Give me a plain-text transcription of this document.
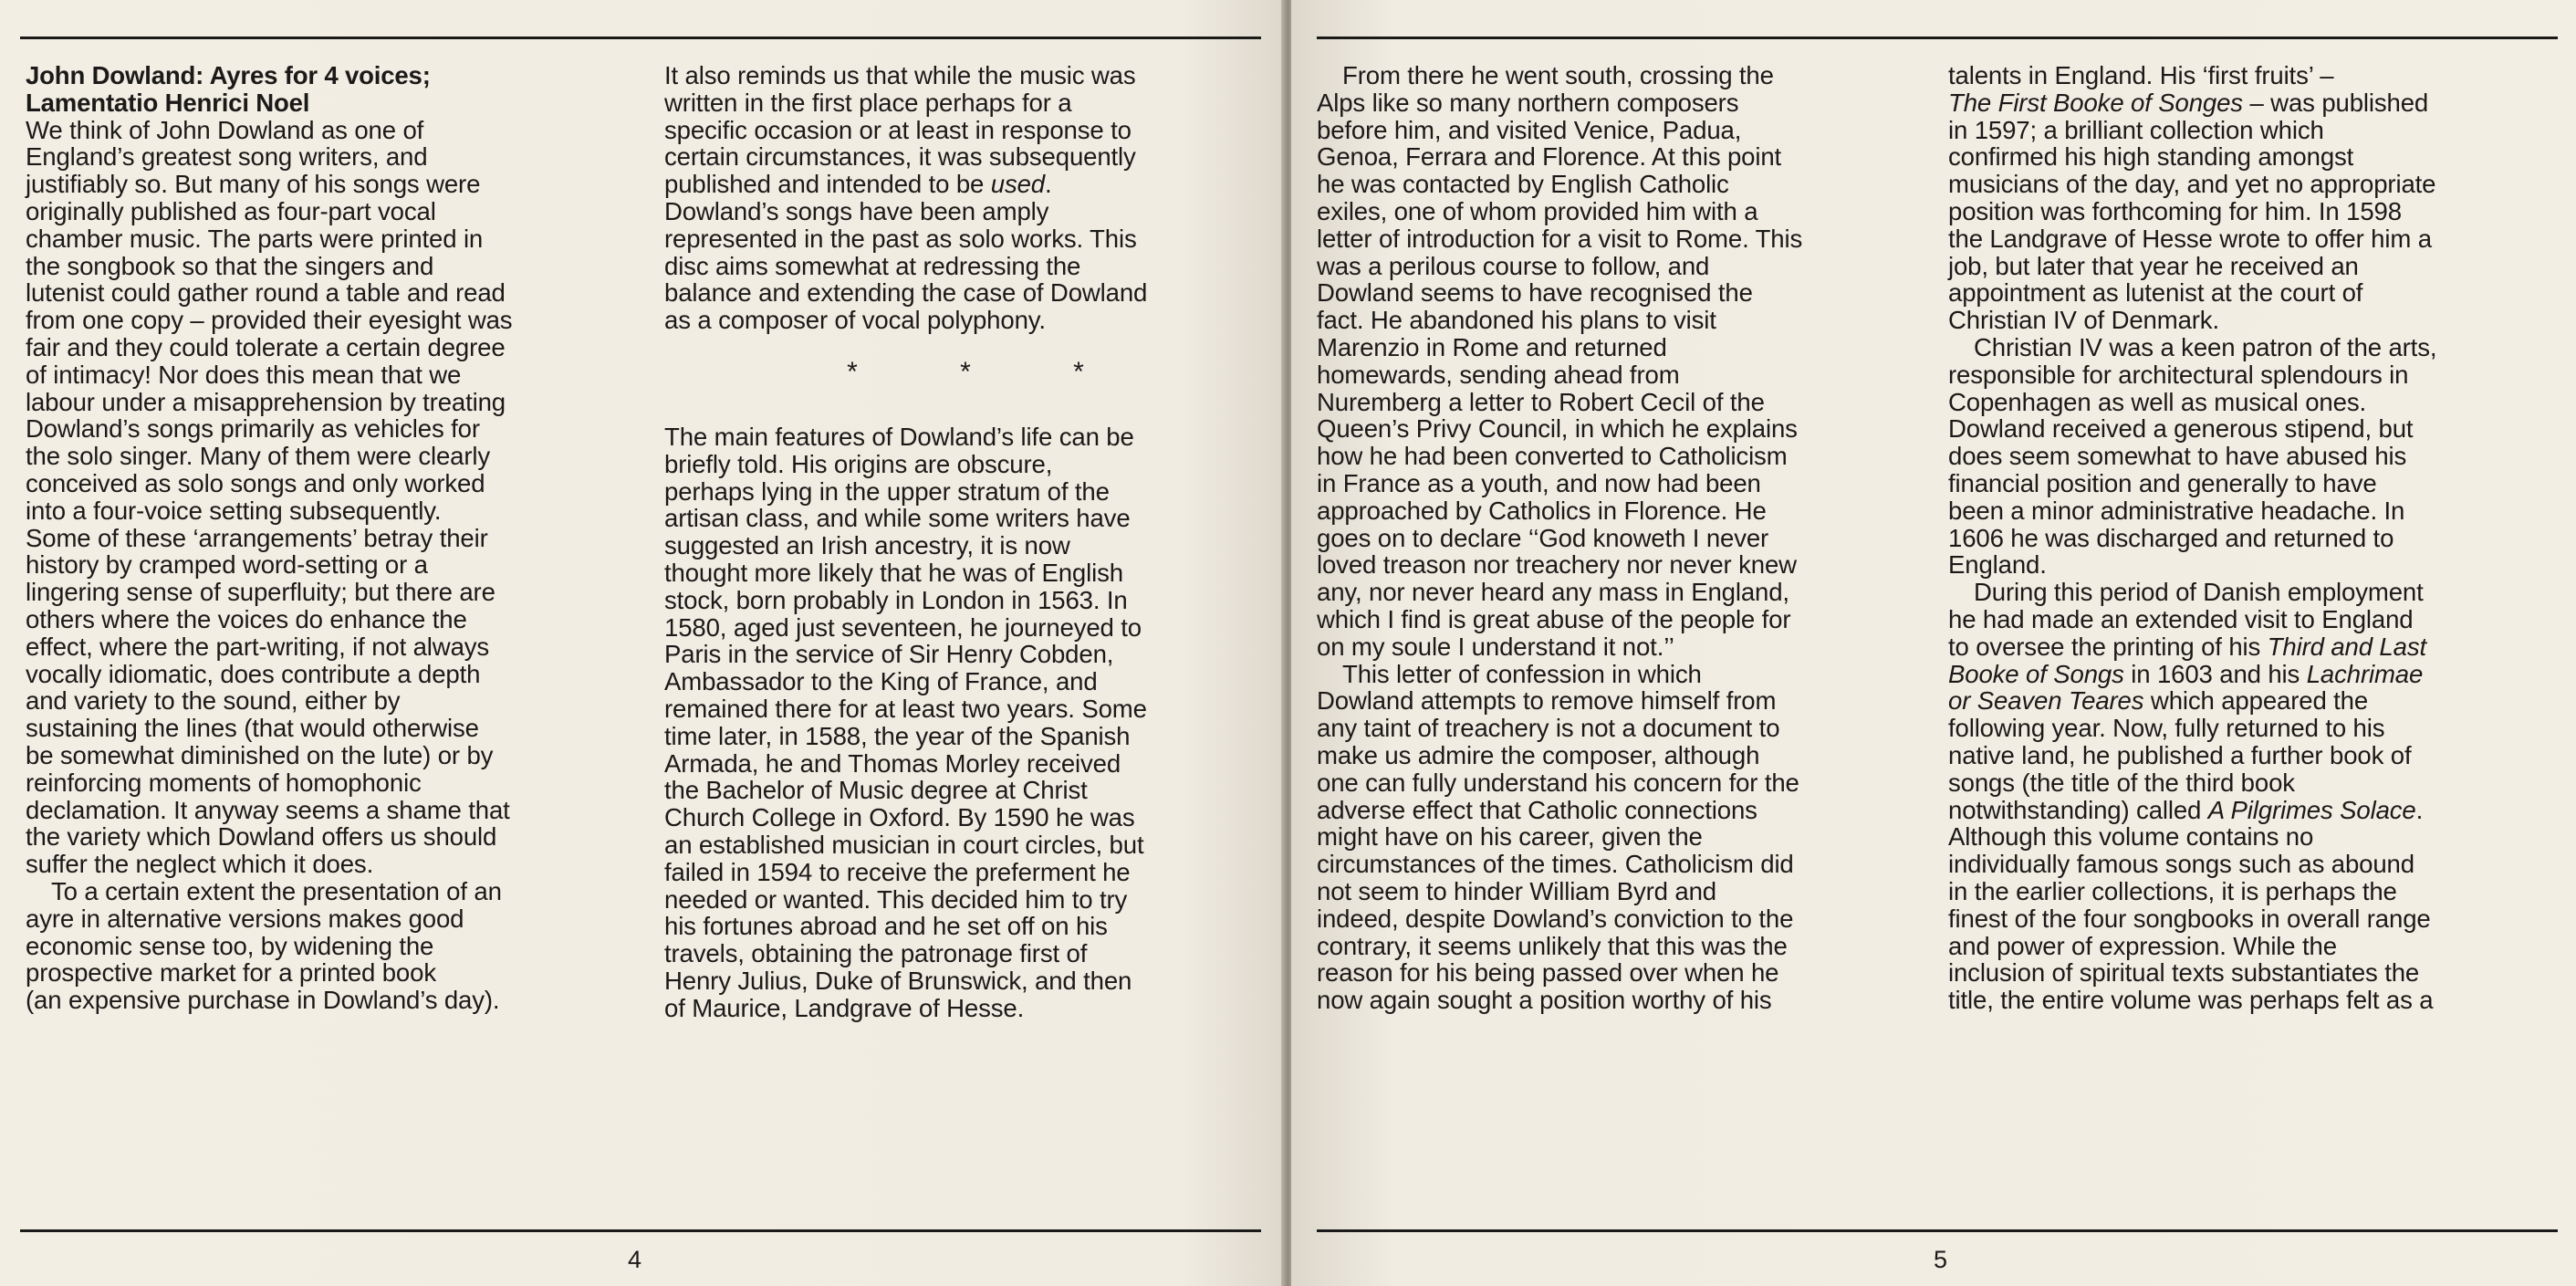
John Dowland: Ayres for 4 voices;
Lamentatio Henrici Noel

We think of John Dowland as one of
England’s greatest song writers, and
justifiably so. But many of his songs were
originally published as four-part vocal
chamber music. The parts were printed in
the songbook so that the singers and
lutenist could gather round a table and read
from one copy – provided their eyesight was
fair and they could tolerate a certain degree
of intimacy! Nor does this mean that we
labour under a misapprehension by treating
Dowland’s songs primarily as vehicles for
the solo singer. Many of them were clearly
conceived as solo songs and only worked
into a four-voice setting subsequently.
Some of these ‘arrangements’ betray their
history by cramped word-setting or a
lingering sense of superfluity; but there are
others where the voices do enhance the
effect, where the part-writing, if not always
vocally idiomatic, does contribute a depth
and variety to the sound, either by
sustaining the lines (that would otherwise
be somewhat diminished on the lute) or by
reinforcing moments of homophonic
declamation. It anyway seems a shame that
the variety which Dowland offers us should
suffer the neglect which it does.

To a certain extent the presentation of an
ayre in alternative versions makes good
economic sense too, by widening the
prospective market for a printed book
(an expensive purchase in Dowland’s day).

It also reminds us that while the music was
written in the first place perhaps for a
specific occasion or at least in response to
certain circumstances, it was subsequently
published and intended to be used.
Dowland’s songs have been amply
represented in the past as solo works. This
disc aims somewhat at redressing the
balance and extending the case of Dowland
as a composer of vocal polyphony.

* * *

The main features of Dowland’s life can be
briefly told. His origins are obscure,
perhaps lying in the upper stratum of the
artisan class, and while some writers have
suggested an Irish ancestry, it is now
thought more likely that he was of English
stock, born probably in London in 1563. In
1580, aged just seventeen, he journeyed to
Paris in the service of Sir Henry Cobden,
Ambassador to the King of France, and
remained there for at least two years. Some
time later, in 1588, the year of the Spanish
Armada, he and Thomas Morley received
the Bachelor of Music degree at Christ
Church College in Oxford. By 1590 he was
an established musician in court circles, but
failed in 1594 to receive the preferment he
needed or wanted. This decided him to try
his fortunes abroad and he set off on his
travels, obtaining the patronage first of
Henry Julius, Duke of Brunswick, and then
of Maurice, Landgrave of Hesse.

4

From there he went south, crossing the
Alps like so many northern composers
before him, and visited Venice, Padua,
Genoa, Ferrara and Florence. At this point
he was contacted by English Catholic
exiles, one of whom provided him with a
letter of introduction for a visit to Rome. This
was a perilous course to follow, and
Dowland seems to have recognised the
fact. He abandoned his plans to visit
Marenzio in Rome and returned
homewards, sending ahead from
Nuremberg a letter to Robert Cecil of the
Queen’s Privy Council, in which he explains
how he had been converted to Catholicism
in France as a youth, and now had been
approached by Catholics in Florence. He
goes on to declare ‘‘God knoweth I never
loved treason nor treachery nor never knew
any, nor never heard any mass in England,
which I find is great abuse of the people for
on my soule I understand it not.’’

This letter of confession in which
Dowland attempts to remove himself from
any taint of treachery is not a document to
make us admire the composer, although
one can fully understand his concern for the
adverse effect that Catholic connections
might have on his career, given the
circumstances of the times. Catholicism did
not seem to hinder William Byrd and
indeed, despite Dowland’s conviction to the
contrary, it seems unlikely that this was the
reason for his being passed over when he
now again sought a position worthy of his

talents in England. His ‘first fruits’ –
The First Booke of Songes – was published
in 1597; a brilliant collection which
confirmed his high standing amongst
musicians of the day, and yet no appropriate
position was forthcoming for him. In 1598
the Landgrave of Hesse wrote to offer him a
job, but later that year he received an
appointment as lutenist at the court of
Christian IV of Denmark.

Christian IV was a keen patron of the arts,
responsible for architectural splendours in
Copenhagen as well as musical ones.
Dowland received a generous stipend, but
does seem somewhat to have abused his
financial position and generally to have
been a minor administrative headache. In
1606 he was discharged and returned to
England.

During this period of Danish employment
he had made an extended visit to England
to oversee the printing of his Third and Last
Booke of Songs in 1603 and his Lachrimae
or Seaven Teares which appeared the
following year. Now, fully returned to his
native land, he published a further book of
songs (the title of the third book
notwithstanding) called A Pilgrimes Solace.
Although this volume contains no
individually famous songs such as abound
in the earlier collections, it is perhaps the
finest of the four songbooks in overall range
and power of expression. While the
inclusion of spiritual texts substantiates the
title, the entire volume was perhaps felt as a

5
